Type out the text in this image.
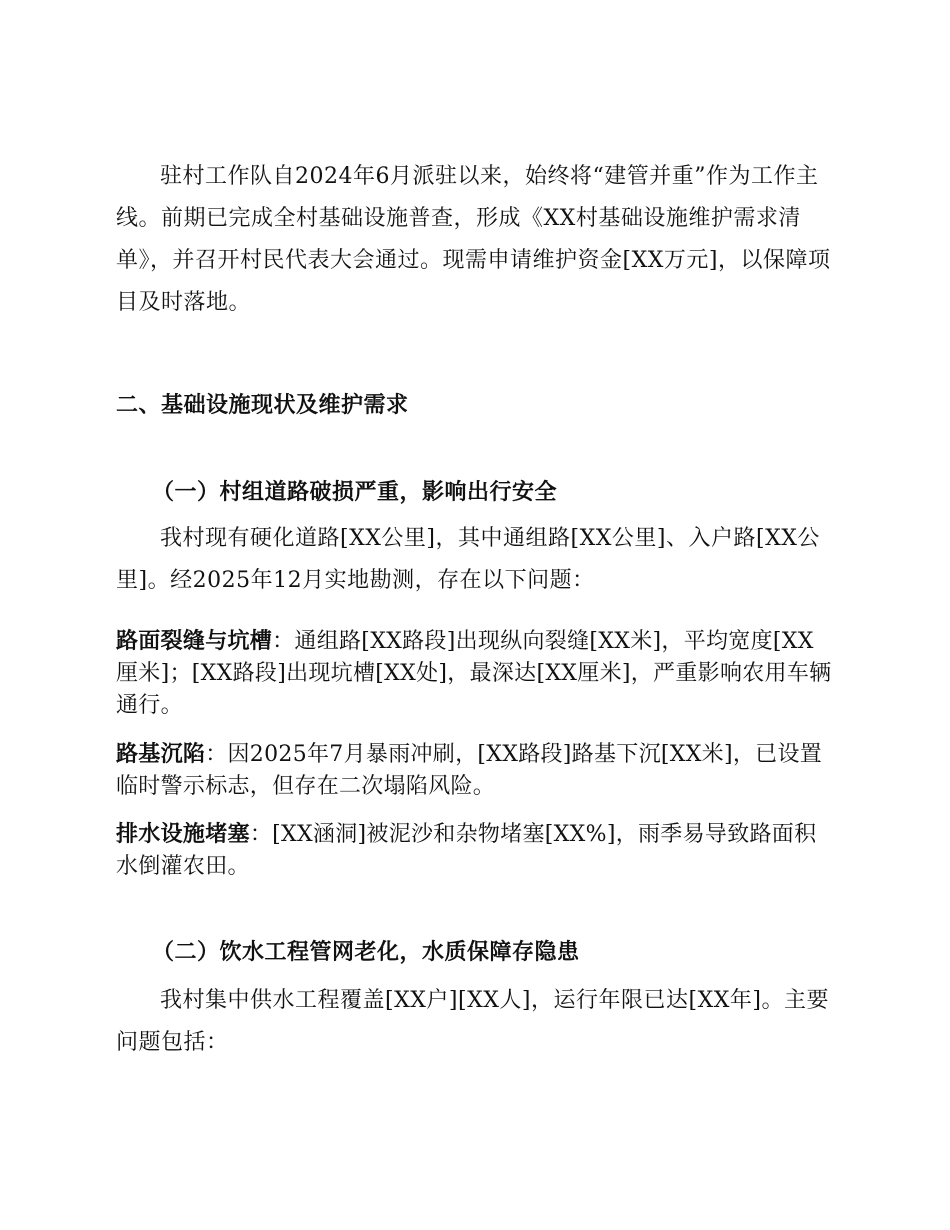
驻村工作队自2024年6月派驻以来，始终将“建管并重”作为工作主线。前期已完成全村基础设施普查，形成《XX村基础设施维护需求清单》，并召开村民代表大会通过。现需申请维护资金[XX万元]，以保障项目及时落地。

二、基础设施现状及维护需求
（一）村组道路破损严重，影响出行安全

我村现有硬化道路[XX公里]，其中通组路[XX公里]、入户路[XX公里]。经2025年12月实地勘测，存在以下问题：

路面裂缝与坑槽：通组路[XX路段]出现纵向裂缝[XX米]，平均宽度[XX厘米]；[XX路段]出现坑槽[XX处]，最深达[XX厘米]，严重影响农用车辆通行。

路基沉陷：因2025年7月暴雨冲刷，[XX路段]路基下沉[XX米]，已设置临时警示标志，但存在二次塌陷风险。

排水设施堵塞：[XX涵洞]被泥沙和杂物堵塞[XX%]，雨季易导致路面积水倒灌农田。

（二）饮水工程管网老化，水质保障存隐患

我村集中供水工程覆盖[XX户][XX人]，运行年限已达[XX年]。主要问题包括：
